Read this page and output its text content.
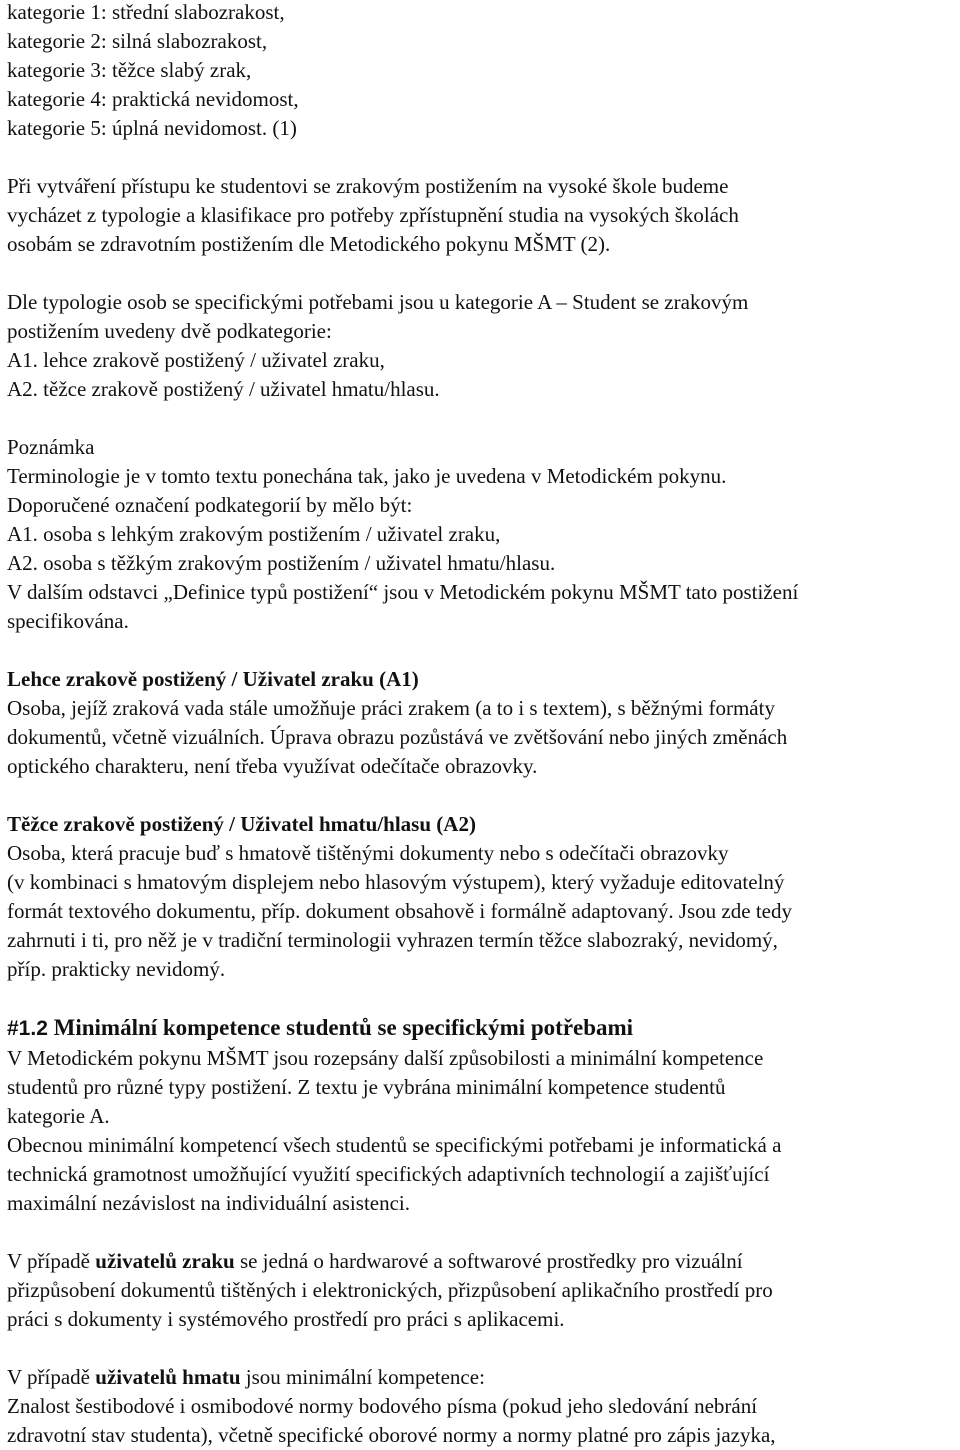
kategorie 1: střední slabozrakost,
kategorie 2: silná slabozrakost,
kategorie 3: těžce slabý zrak,
kategorie 4: praktická nevidomost,
kategorie 5: úplná nevidomost. (1)
Při vytváření přístupu ke studentovi se zrakovým postižením na vysoké škole budeme
vycházet z typologie a klasifikace pro potřeby zpřístupnění studia na vysokých školách
osobám se zdravotním postižením dle Metodického pokynu MŠMT (2).
Dle typologie osob se specifickými potřebami jsou u kategorie A – Student se zrakovým
postižením uvedeny dvě podkategorie:
A1. lehce zrakově postižený / uživatel zraku,
A2. těžce zrakově postižený / uživatel hmatu/hlasu.
Poznámka
Terminologie je v tomto textu ponechána tak, jako je uvedena v Metodickém pokynu.
Doporučené označení podkategorií by mělo být:
A1. osoba s lehkým zrakovým postižením / uživatel zraku,
A2. osoba s těžkým zrakovým postižením / uživatel hmatu/hlasu.
V dalším odstavci „Definice typů postižení“ jsou v Metodickém pokynu MŠMT tato postižení
specifikována.
Lehce zrakově postižený / Uživatel zraku (A1)
Osoba, jejíž zraková vada stále umožňuje práci zrakem (a to i s textem), s běžnými formáty
dokumentů, včetně vizuálních. Úprava obrazu pozůstává ve zvětšování nebo jiných změnách
optického charakteru, není třeba využívat odečítače obrazovky.
Těžce zrakově postižený / Uživatel hmatu/hlasu (A2)
Osoba, která pracuje buď s hmatově tištěnými dokumenty nebo s odečítači obrazovky
(v kombinaci s hmatovým displejem nebo hlasovým výstupem), který vyžaduje editovatelný
formát textového dokumentu, příp. dokument obsahově i formálně adaptovaný. Jsou zde tedy
zahrnuti i ti, pro něž je v tradiční terminologii vyhrazen termín těžce slabozraký, nevidomý,
příp. prakticky nevidomý.
#1.2 Minimální kompetence studentů se specifickými potřebami
V Metodickém pokynu MŠMT jsou rozepsány další způsobilosti a minimální kompetence
studentů pro různé typy postižení. Z textu je vybrána minimální kompetence studentů
kategorie A.
Obecnou minimální kompetencí všech studentů se specifickými potřebami je informatická a
technická gramotnost umožňující využití specifických adaptivních technologií a zajišťující
maximální nezávislost na individuální asistenci.
V případě uživatelů zraku se jedná o hardwarové a softwarové prostředky pro vizuální
přizpůsobení dokumentů tištěných i elektronických, přizpůsobení aplikačního prostředí pro
práci s dokumenty i systémového prostředí pro práci s aplikacemi.
V případě uživatelů hmatu jsou minimální kompetence:
Znalost šestibodové i osmibodové normy bodového písma (pokud jeho sledování nebrání
zdravotní stav studenta), včetně specifické oborové normy a normy platné pro zápis jazyka,
